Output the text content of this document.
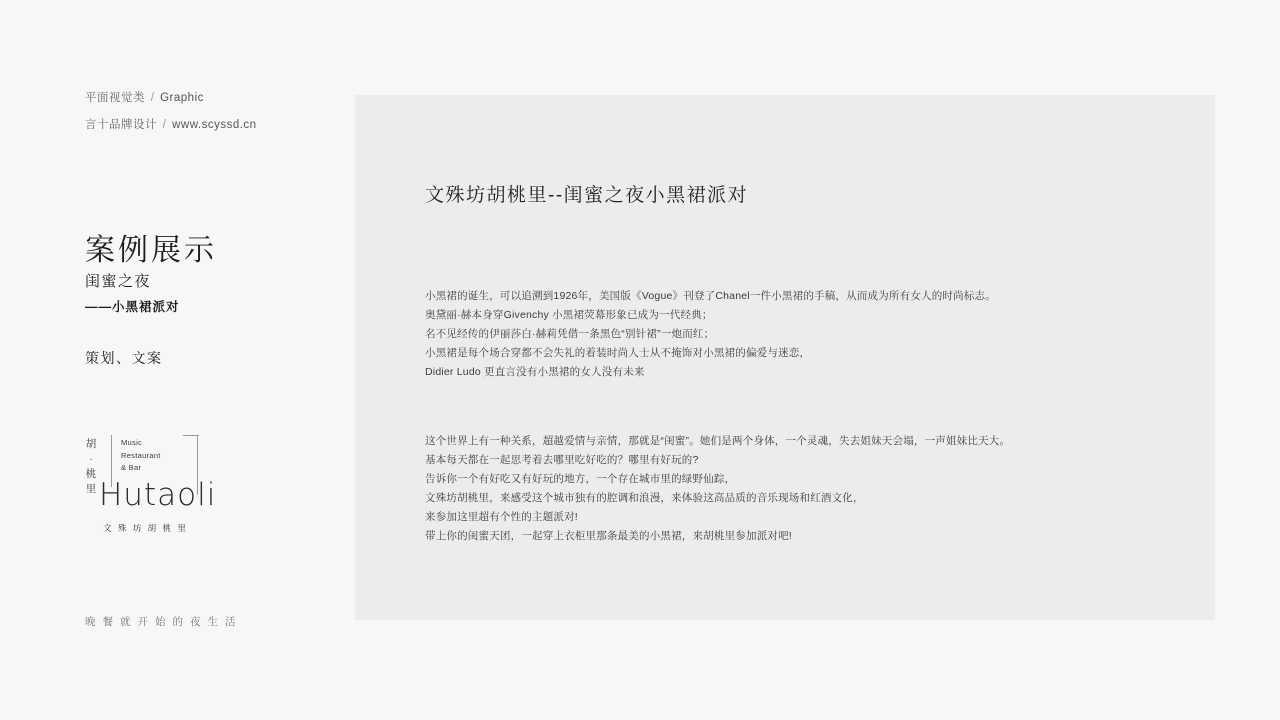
平面视觉类 / Graphic
言十品牌设计 / www.scyssd.cn
案例展示
闺蜜之夜
——小黑裙派对
策划、文案
胡
·
桃
里
Music
Restaurant
& Bar
Hutaoli
文 殊 坊 胡 桃 里
晚餐就开始的夜生活
文殊坊胡桃里--闺蜜之夜小黑裙派对

小黑裙的诞生，可以追溯到1926年，美国版《Vogue》刊登了Chanel一件小黑裙的手稿，从而成为所有女人的时尚标志。

奥黛丽·赫本身穿Givenchy 小黑裙荧幕形象已成为一代经典；

名不见经传的伊丽莎白·赫莉凭借一条黑色“别针裙”一炮而红；

小黑裙是每个场合穿都不会失礼的着装时尚人士从不掩饰对小黑裙的偏爱与迷恋，

Didier Ludo 更直言没有小黑裙的女人没有未来

这个世界上有一种关系，超越爱情与亲情，那就是“闺蜜”。她们是两个身体，一个灵魂，失去姐妹天会塌，一声姐妹比天大。

基本每天都在一起思考着去哪里吃好吃的？哪里有好玩的?

告诉你一个有好吃又有好玩的地方，一个存在城市里的绿野仙踪，

文殊坊胡桃里，来感受这个城市独有的腔调和浪漫，来体验这高品质的音乐现场和红酒文化，

来参加这里超有个性的主题派对!

带上你的闺蜜天团，一起穿上衣柜里那条最美的小黑裙，来胡桃里参加派对吧!
